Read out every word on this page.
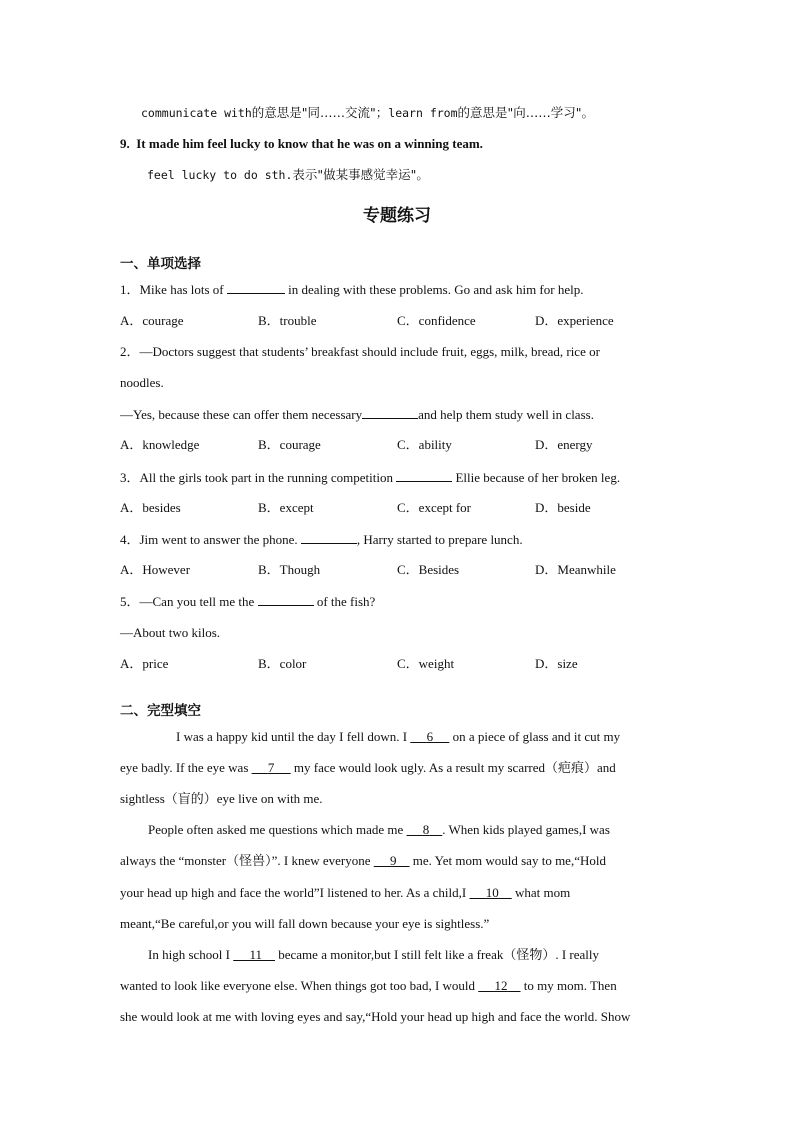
communicate with的意思是"同……交流"；learn from的意思是"向……学习"。
9. It made him feel lucky to know that he was on a winning team.
feel lucky to do sth.表示"做某事感觉幸运"。
专题练习
一、单项选择
1．Mike has lots of	in dealing with these problems. Go and ask him for help.
A．courage	B．trouble	C．confidence	D．experience
2．—Doctors suggest that students’ breakfast should include fruit, eggs, milk, bread, rice or
noodles.
—Yes, because these can offer them necessary	and help them study well in class.
A．knowledge	B．courage	C．ability	D．energy
3．All the girls took part in the running competition	Ellie because of her broken leg.
A．besides	B．except	C．except for	D．beside
4．Jim went to answer the phone.	, Harry started to prepare lunch.
A．However	B．Though	C．Besides	D．Meanwhile
5．—Can you tell me the	of the fish?
—About two kilos.
A．price	B．color	C．weight	D．size
二、完型填空
I was a happy kid until the day I fell down. I 6 on a piece of glass and it cut my
eye badly. If the eye was 7 my face would look ugly. As a result my scarred（疤痕）and
sightless（盲的）eye live on with me.
People often asked me questions which made me 8 . When kids played games,I was
always the “monster（怪兽）”. I knew everyone 9 me. Yet mom would say to me,“Hold
your head up high and face the world”I listened to her. As a child,I 10 what mom
meant,“Be careful,or you will fall down because your eye is sightless.”
In high school I 11 became a monitor,but I still felt like a freak（怪物）. I really
wanted to look like everyone else. When things got too bad, I would 12 to my mom. Then
she would look at me with loving eyes and say,“Hold your head up high and face the world. Show
